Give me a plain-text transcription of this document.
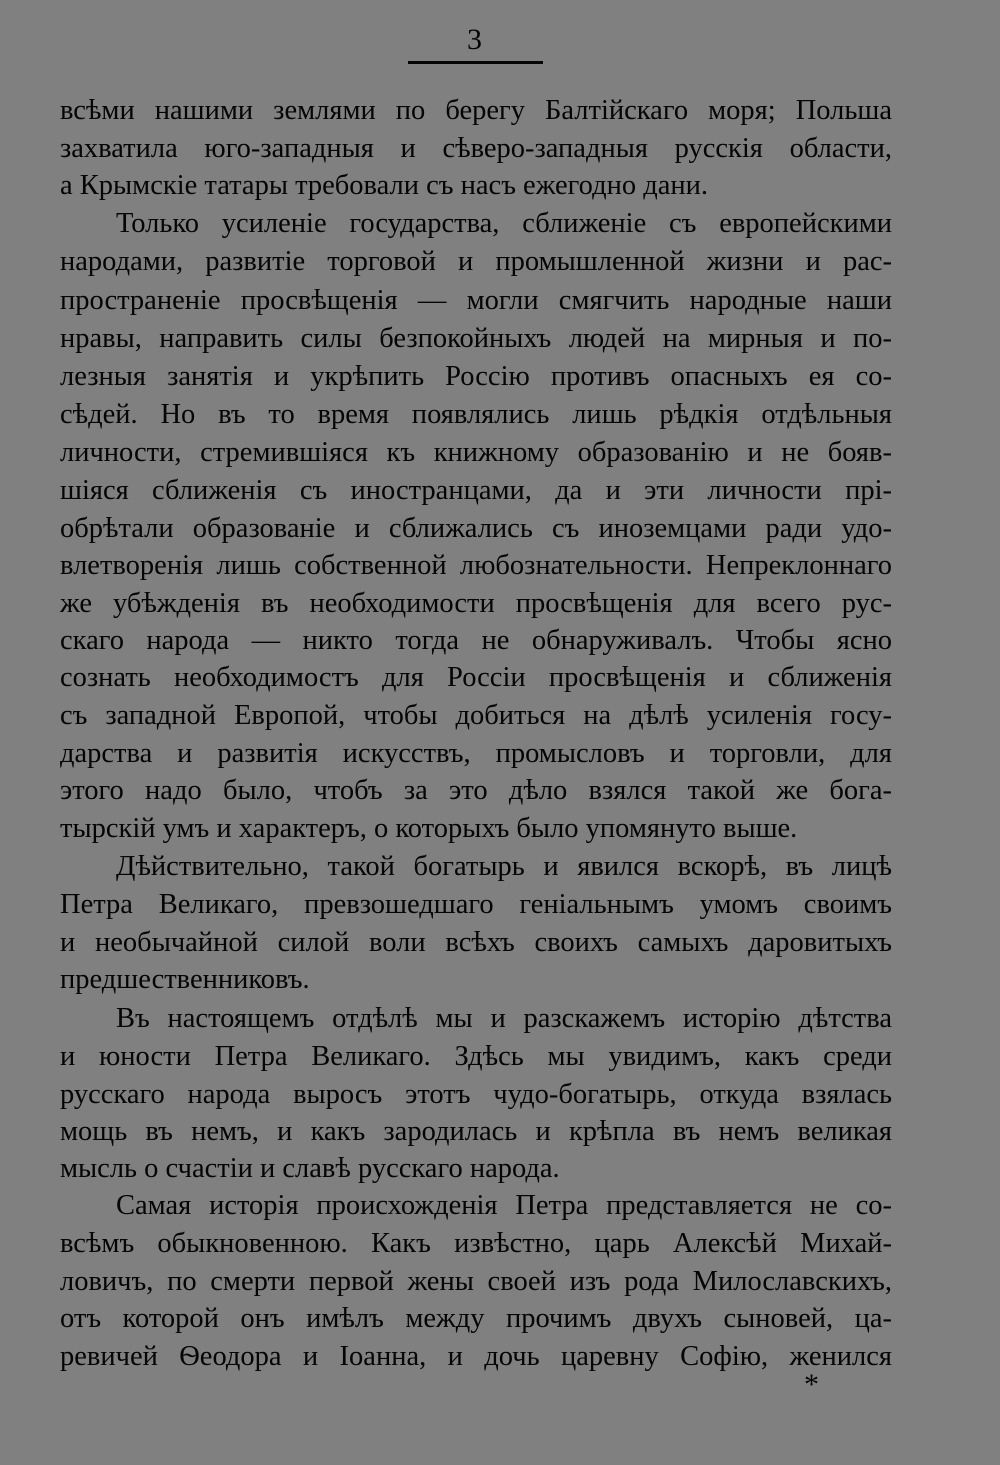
3
всѣми нашими землями по берегу Балтійскаго моря; Польша
захватила юго-западныя и сѣверо-западныя русскія области,
а Крымскіе татары требовали съ насъ ежегодно дани.
Только усиленіе государства, сближеніе съ европейскими
народами, развитіе торговой и промышленной жизни и рас-
пространеніе просвѣщенія — могли смягчить народные наши
нравы, направить силы безпокойныхъ людей на мирныя и по-
лезныя занятія и укрѣпить Россію противъ опасныхъ ея со-
сѣдей. Но въ то время появлялись лишь рѣдкія отдѣльныя
личности, стремившіяся къ книжному образованію и не бояв-
шіяся сближенія съ иностранцами, да и эти личности прі-
обрѣтали образованіе и сближались съ иноземцами ради удо-
влетворенія лишь собственной любознательности. Непреклоннаго
же убѣжденія въ необходимости просвѣщенія для всего рус-
скаго народа — никто тогда не обнаруживалъ. Чтобы ясно
сознать необходимостъ для Россіи просвѣщенія и сближенія
съ западной Европой, чтобы добиться на дѣлѣ усиленія госу-
дарства и развитія искусствъ, промысловъ и торговли, для
этого надо было, чтобъ за это дѣло взялся такой же бога-
тырскій умъ и характеръ, о которыхъ было упомянуто выше.
Дѣйствительно, такой богатырь и явился вскорѣ, въ лицѣ
Петра Великаго, превзошедшаго геніальнымъ умомъ своимъ
и необычайной силой воли всѣхъ своихъ самыхъ даровитыхъ
предшественниковъ.
Въ настоящемъ отдѣлѣ мы и разскажемъ исторію дѣтства
и юности Петра Великаго. Здѣсь мы увидимъ, какъ среди
русскаго народа выросъ этотъ чудо-богатырь, откуда взялась
мощь въ немъ, и какъ зародилась и крѣпла въ немъ великая
мысль о счастіи и славѣ русскаго народа.
Самая исторія происхожденія Петра представляется не со-
всѣмъ обыкновенною. Какъ извѣстно, царь Алексѣй Михай-
ловичъ, по смерти первой жены своей изъ рода Милославскихъ,
отъ которой онъ имѣлъ между прочимъ двухъ сыновей, ца-
ревичей Ѳеодора и Іоанна, и дочь царевну Софію, женился
*
